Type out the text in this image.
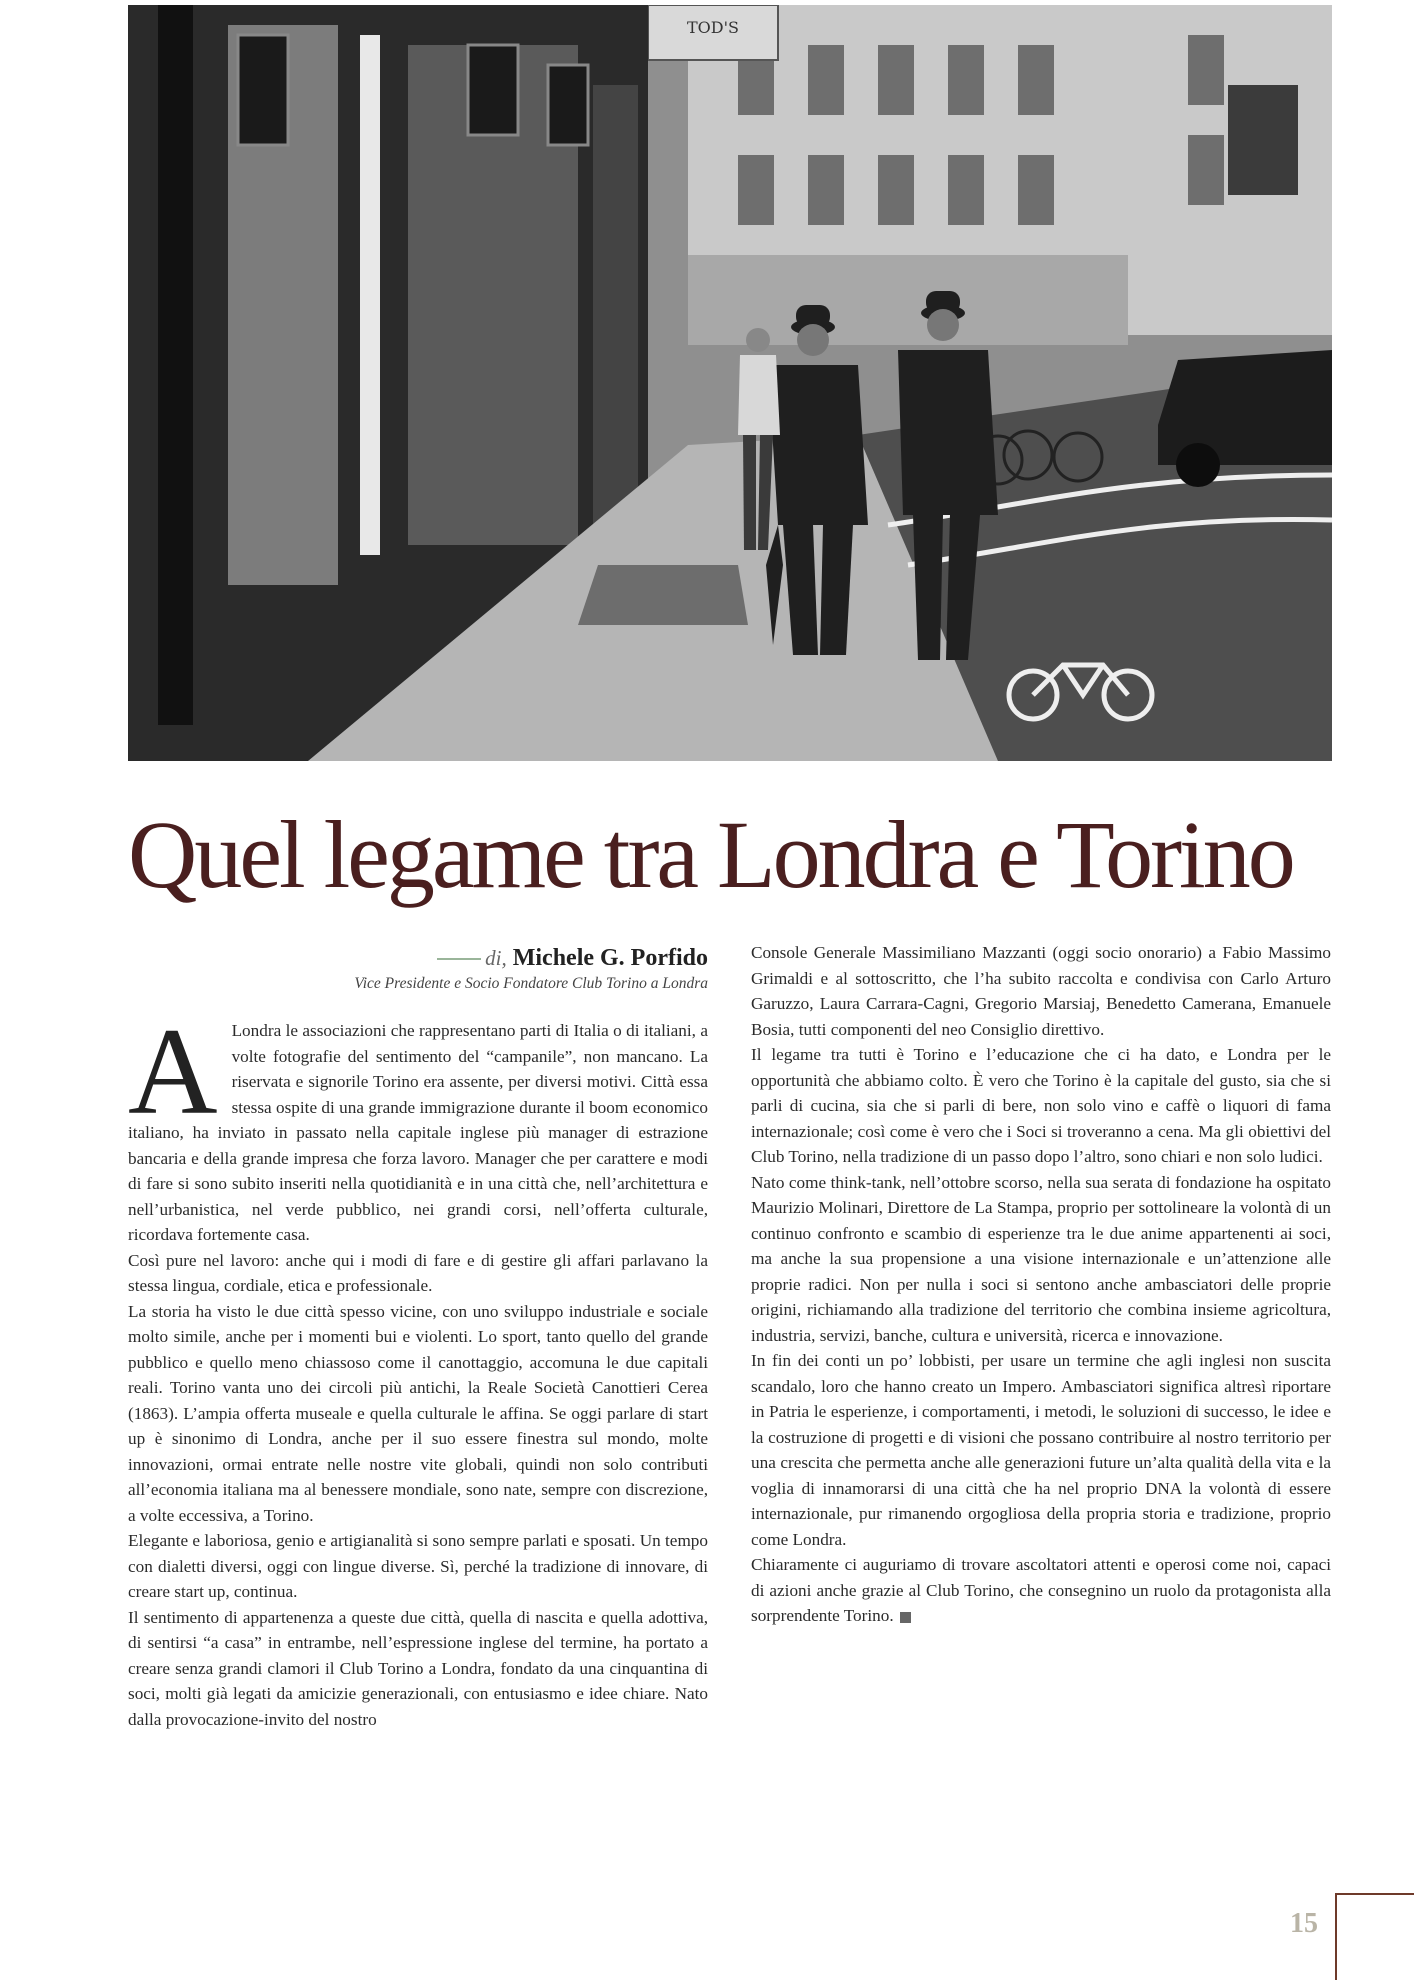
TOD'S
Quel legame tra Londra e Torino
di, Michele G. Porfido
Vice Presidente e Socio Fondatore Club Torino a Londra

A Londra le associazioni che rappresentano parti di Italia o di italiani, a volte fotografie del sentimento del “campanile”, non mancano. La riservata e signorile Torino era assente, per diversi motivi. Città essa stessa ospite di una grande immigrazione durante il boom economico italiano, ha inviato in passato nella capitale inglese più manager di estrazione bancaria e della grande impresa che forza lavoro. Manager che per carattere e modi di fare si sono subito inseriti nella quotidianità e in una città che, nell’architettura e nell’urbanistica, nel verde pubblico, nei grandi corsi, nell’offerta culturale, ricordava fortemente casa.

Così pure nel lavoro: anche qui i modi di fare e di gestire gli affari parlavano la stessa lingua, cordiale, etica e professionale.

La storia ha visto le due città spesso vicine, con uno sviluppo industriale e sociale molto simile, anche per i momenti bui e violenti. Lo sport, tanto quello del grande pubblico e quello meno chiassoso come il canottaggio, accomuna le due capitali reali. Torino vanta uno dei circoli più antichi, la Reale Società Canottieri Cerea (1863). L’ampia offerta museale e quella culturale le affina. Se oggi parlare di start up è sinonimo di Londra, anche per il suo essere finestra sul mondo, molte innovazioni, ormai entrate nelle nostre vite globali, quindi non solo contributi all’economia italiana ma al benessere mondiale, sono nate, sempre con discrezione, a volte eccessiva, a Torino.

Elegante e laboriosa, genio e artigianalità si sono sempre parlati e sposati. Un tempo con dialetti diversi, oggi con lingue diverse. Sì, perché la tradizione di innovare, di creare start up, continua.

Il sentimento di appartenenza a queste due città, quella di nascita e quella adottiva, di sentirsi “a casa” in entrambe, nell’espressione inglese del termine, ha portato a creare senza grandi clamori il Club Torino a Londra, fondato da una cinquantina di soci, molti già legati da amicizie generazionali, con entusiasmo e idee chiare. Nato dalla provocazione-invito del nostro

Console Generale Massimiliano Mazzanti (oggi socio onorario) a Fabio Massimo Grimaldi e al sottoscritto, che l’ha subito raccolta e condivisa con Carlo Arturo Garuzzo, Laura Carrara-Cagni, Gregorio Marsiaj, Benedetto Camerana, Emanuele Bosia, tutti componenti del neo Consiglio direttivo.

Il legame tra tutti è Torino e l’educazione che ci ha dato, e Londra per le opportunità che abbiamo colto. È vero che Torino è la capitale del gusto, sia che si parli di cucina, sia che si parli di bere, non solo vino e caffè o liquori di fama internazionale; così come è vero che i Soci si troveranno a cena. Ma gli obiettivi del Club Torino, nella tradizione di un passo dopo l’altro, sono chiari e non solo ludici.

Nato come think-tank, nell’ottobre scorso, nella sua serata di fondazione ha ospitato Maurizio Molinari, Direttore de La Stampa, proprio per sottolineare la volontà di un continuo confronto e scambio di esperienze tra le due anime appartenenti ai soci, ma anche la sua propensione a una visione internazionale e un’attenzione alle proprie radici. Non per nulla i soci si sentono anche ambasciatori delle proprie origini, richiamando alla tradizione del territorio che combina insieme agricoltura, industria, servizi, banche, cultura e università, ricerca e innovazione.

In fin dei conti un po’ lobbisti, per usare un termine che agli inglesi non suscita scandalo, loro che hanno creato un Impero. Ambasciatori significa altresì riportare in Patria le esperienze, i comportamenti, i metodi, le soluzioni di successo, le idee e la costruzione di progetti e di visioni che possano contribuire al nostro territorio per una crescita che permetta anche alle generazioni future un’alta qualità della vita e la voglia di innamorarsi di una città che ha nel proprio DNA la volontà di essere internazionale, pur rimanendo orgogliosa della propria storia e tradizione, proprio come Londra.

Chiaramente ci auguriamo di trovare ascoltatori attenti e operosi come noi, capaci di azioni anche grazie al Club Torino, che consegnino un ruolo da protagonista alla sorprendente Torino.

15
